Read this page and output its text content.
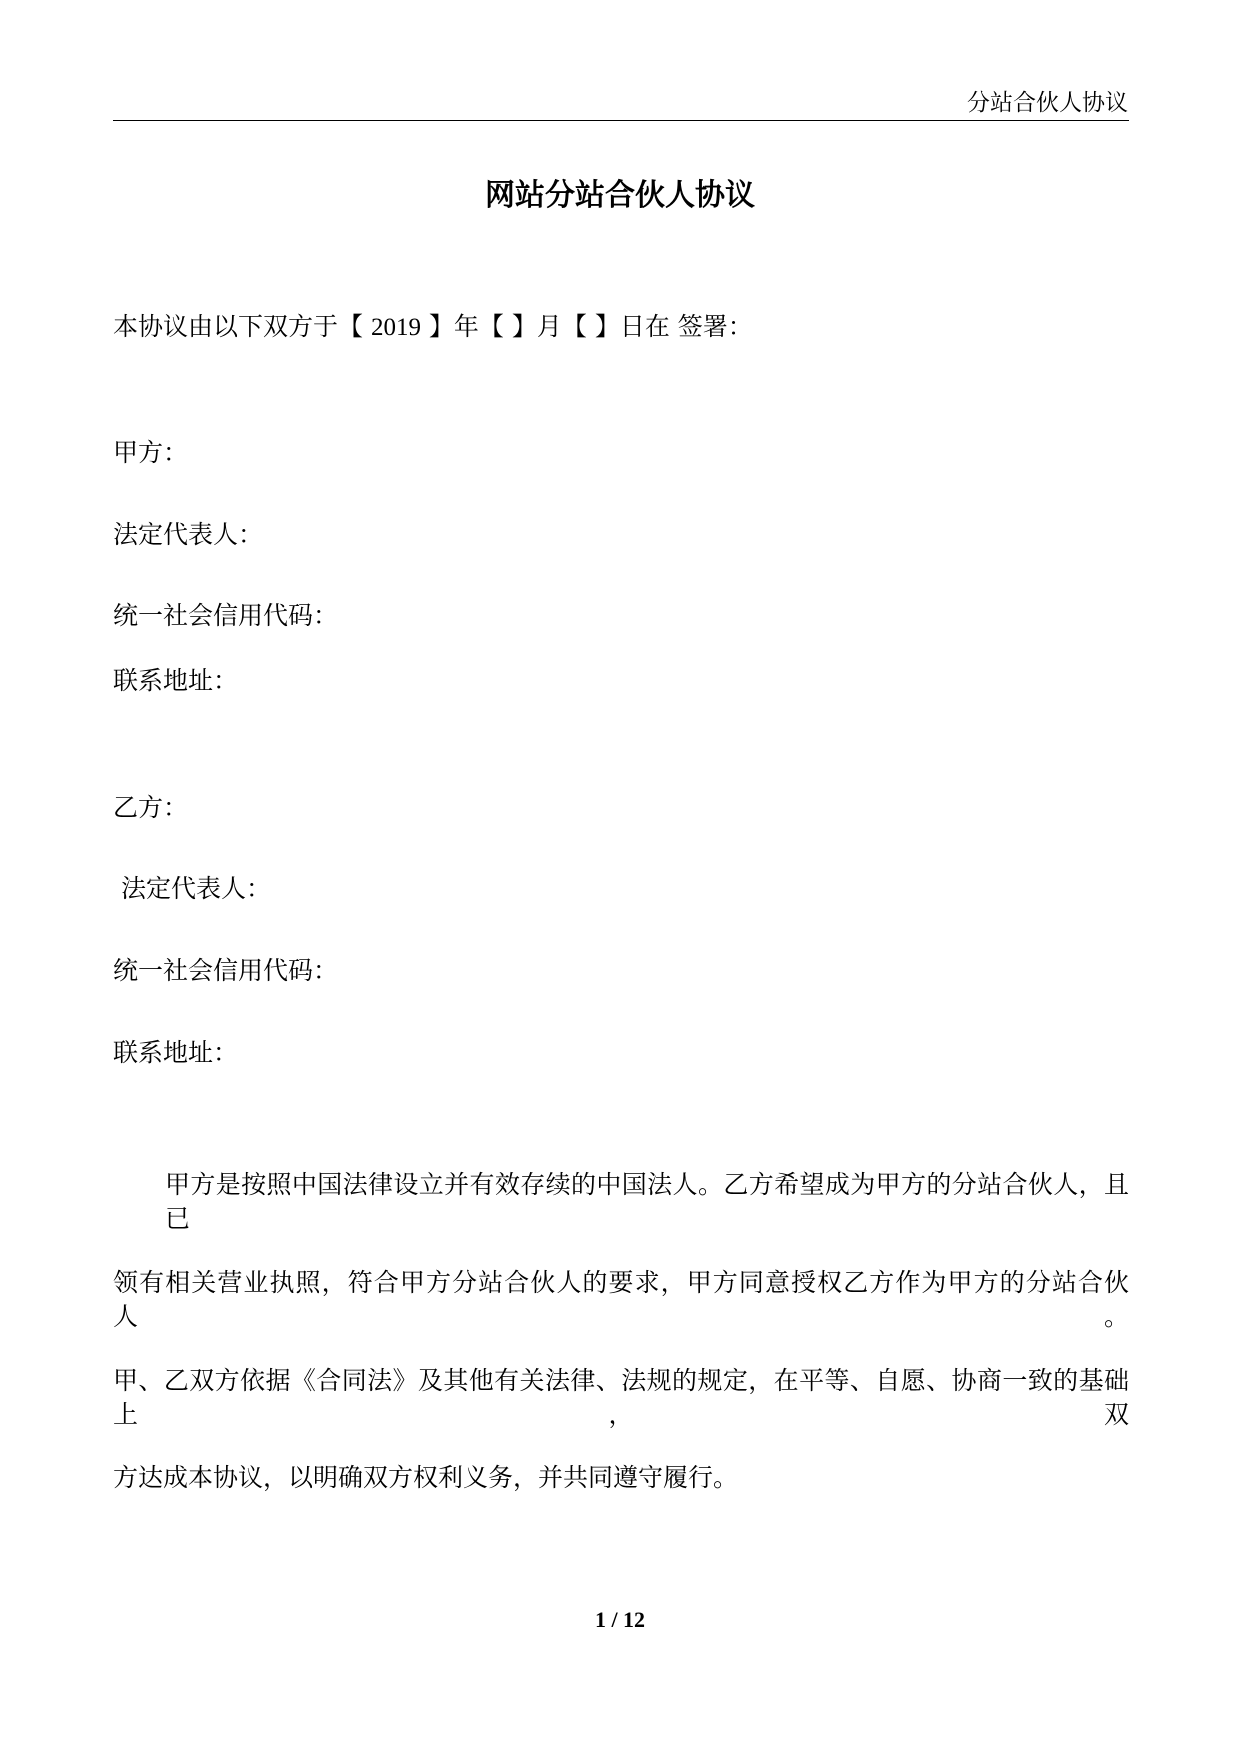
分站合伙人协议
网站分站合伙人协议
本协议由以下双方于【 2019 】年【 】月【 】日在 签署：
甲方：
法定代表人：
统一社会信用代码：
联系地址：
乙方：
法定代表人：
统一社会信用代码：
联系地址：
甲方是按照中国法律设立并有效存续的中国法人。乙方希望成为甲方的分站合伙人，且已
领有相关营业执照，符合甲方分站合伙人的要求，甲方同意授权乙方作为甲方的分站合伙人。
甲、乙双方依据《合同法》及其他有关法律、法规的规定，在平等、自愿、协商一致的基础上，双
方达成本协议，以明确双方权利义务，并共同遵守履行。
1 / 12
